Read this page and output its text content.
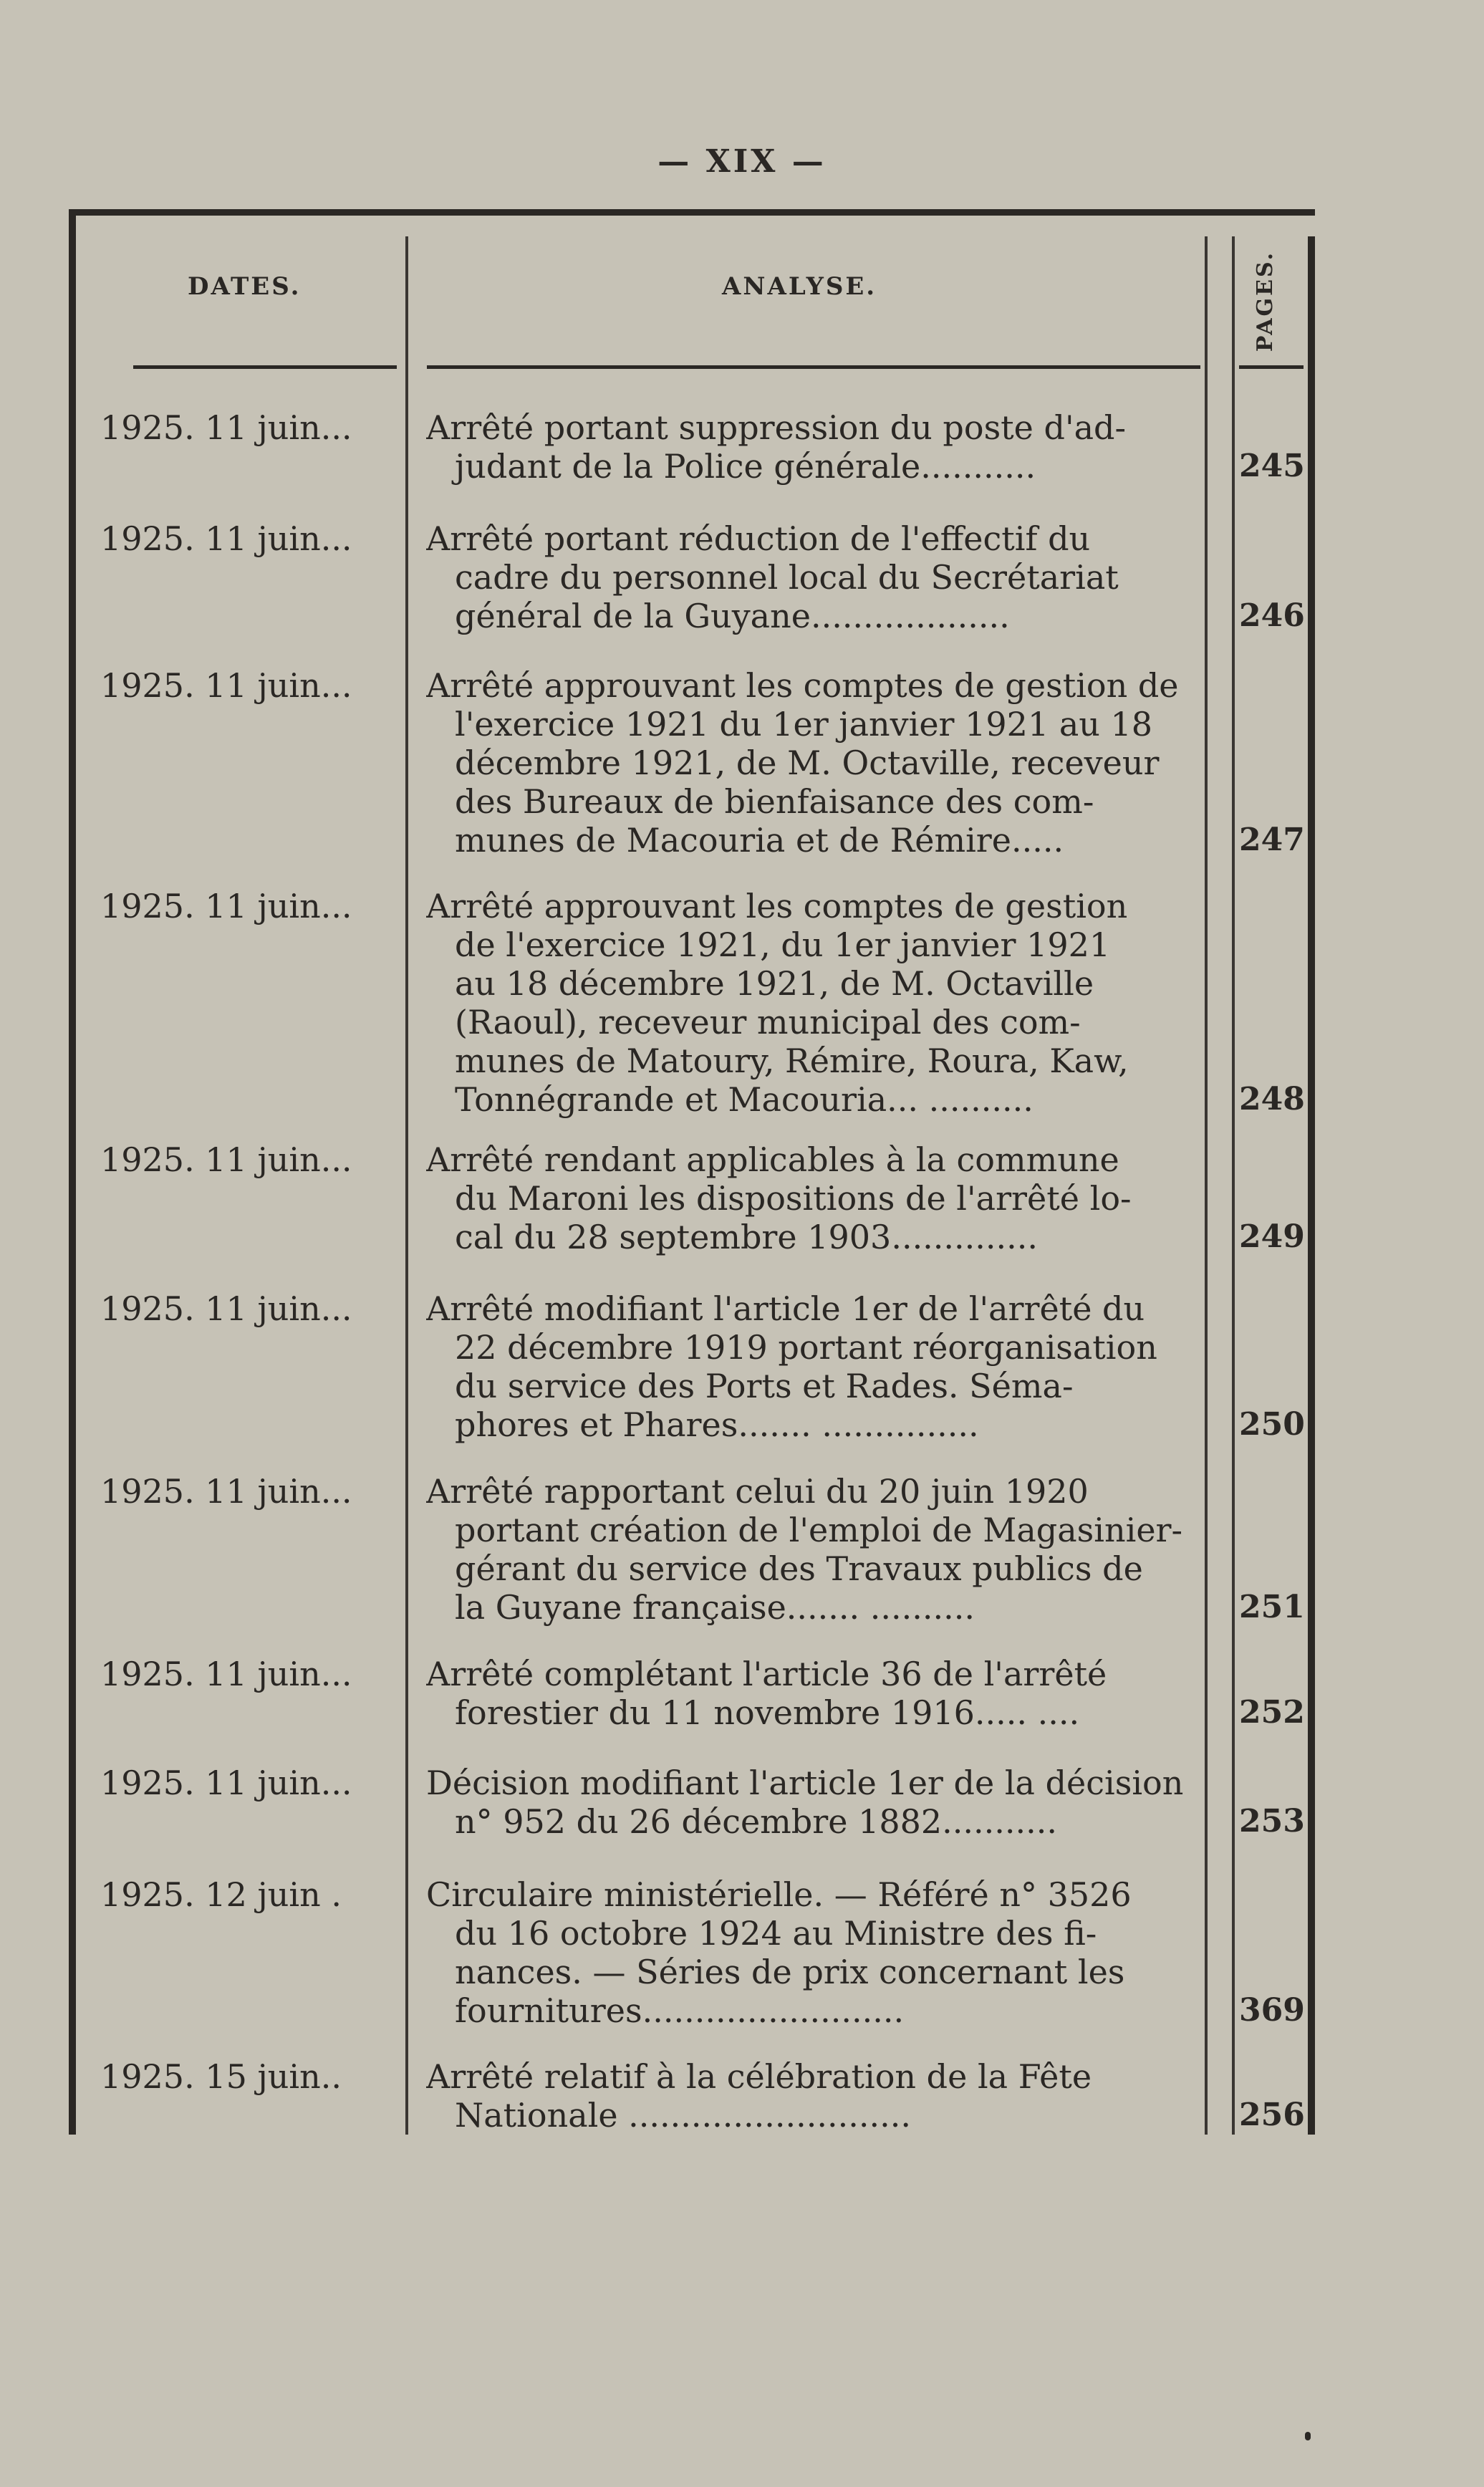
— XIX —
DATES.	ANALYSE.	PAGES.
1925. 11 juin...	Arrêté portant suppression du poste d'ad-
judant de la Police générale...........	245
1925. 11 juin...	Arrêté portant réduction de l'effectif du
cadre du personnel local du Secrétariat
général de la Guyane...................	246
1925. 11 juin...	Arrêté approuvant les comptes de gestion de
l'exercice 1921 du 1er janvier 1921 au 18
décembre 1921, de M. Octaville, receveur
des Bureaux de bienfaisance des com-
munes de Macouria et de Rémire.....	247
1925. 11 juin...	Arrêté approuvant les comptes de gestion
de l'exercice 1921, du 1er janvier 1921
au 18 décembre 1921, de M. Octaville
(Raoul), receveur municipal des com-
munes de Matoury, Rémire, Roura, Kaw,
Tonnégrande et Macouria... ..........	248
1925. 11 juin...	Arrêté rendant applicables à la commune
du Maroni les dispositions de l'arrêté lo-
cal du 28 septembre 1903..............	249
1925. 11 juin...	Arrêté modifiant l'article 1er de l'arrêté du
22 décembre 1919 portant réorganisation
du service des Ports et Rades. Séma-
phores et Phares....... ...............	250
1925. 11 juin...	Arrêté rapportant celui du 20 juin 1920
portant création de l'emploi de Magasinier-
gérant du service des Travaux publics de
la Guyane française....... ..........	251
1925. 11 juin...	Arrêté complétant l'article 36 de l'arrêté
forestier du 11 novembre 1916..... ....	252
1925. 11 juin...	Décision modifiant l'article 1er de la décision
n° 952 du 26 décembre 1882...........	253
1925. 12 juin .	Circulaire ministérielle. — Référé n° 3526
du 16 octobre 1924 au Ministre des fi-
nances. — Séries de prix concernant les
fournitures.........................	369
1925. 15 juin..	Arrêté relatif à la célébration de la Fête
Nationale ...........................	256
